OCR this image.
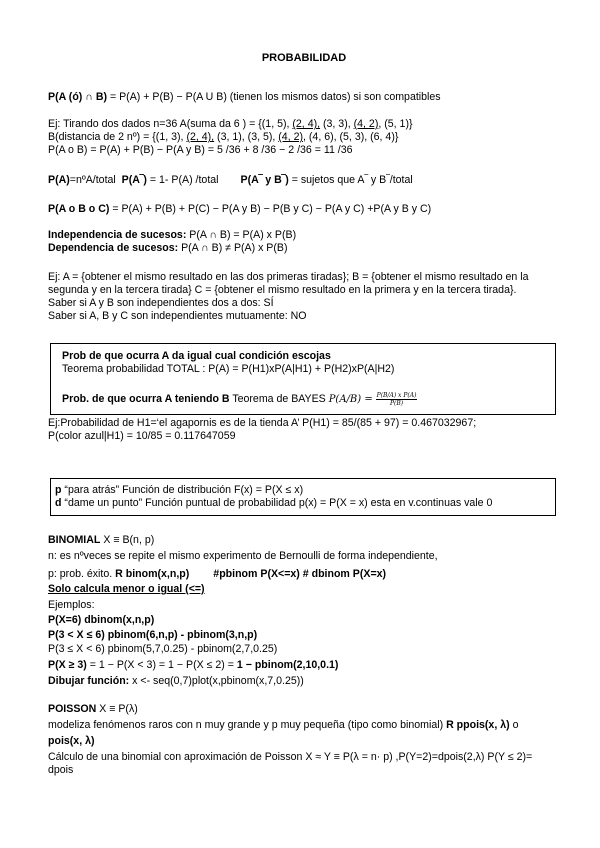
PROBABILIDAD
P(A (ó) ∩ B) = P(A) + P(B) − P(A U B) (tienen los mismos datos) si son compatibles
Ej: Tirando dos dados n=36 A(suma da 6 ) = {(1, 5), (2, 4), (3, 3), (4, 2), (5, 1)}
B(distancia de 2 nº) = {(1, 3), (2, 4), (3, 1), (3, 5), (4, 2), (4, 6), (5, 3), (6, 4)}
P(A o B) = P(A) + P(B) − P(A y B) = 5 /36 + 8 /36 − 2 /36 = 11 /36
P(A)=nºA/total P(A‾) = 1- P(A) /total P(A‾ y B‾) = sujetos que A‾ y B‾/total
P(A o B o C) = P(A) + P(B) + P(C) − P(A y B) − P(B y C) − P(A y C) +P(A y B y C)
Independencia de sucesos: P(A ∩ B) = P(A) x P(B)
Dependencia de sucesos: P(A ∩ B) ≠ P(A) x P(B)
Ej: A = {obtener el mismo resultado en las dos primeras tiradas}; B = {obtener el mismo resultado en la
segunda y en la tercera tirada} C = {obtener el mismo resultado en la primera y en la tercera tirada}.
Saber si A y B son independientes dos a dos: SÍ
Saber si A, B y C son independientes mutuamente: NO
Prob de que ocurra A da igual cual condición escojas
Teorema probabilidad TOTAL : P(A) = P(H1)xP(A|H1) + P(H2)xP(A|H2)
Prob. de que ocurra A teniendo B Teorema de BAYES $P(A/B) = \frac{\text{P(B/A) x P(A)}}{P(B)}$
Ej:Probabilidad de H1=‘el agapornis es de la tienda A’ P(H1) = 85/(85 + 97) = 0.467032967;
P(color azul|H1) = 10/85 = 0.117647059
p “para atrás” Función de distribución F(x) = P(X ≤ x)
d “dame un punto” Función puntual de probabilidad p(x) = P(X = x) esta en v.continuas vale 0
BINOMIAL X ≡ B(n, p)
n: es nºveces se repite el mismo experimento de Bernoulli de forma independiente,
p: prob. éxito. R binom(x,n,p) #pbinom P(X<=x) # dbinom P(X=x)
Solo calcula menor o igual (<=)
Ejemplos:
P(X=6) dbinom(x,n,p)
P(3 < X ≤ 6) pbinom(6,n,p) - pbinom(3,n,p)
P(3 ≤ X < 6) pbinom(5,7,0.25) - pbinom(2,7,0.25)
P(X ≥ 3) = 1 − P(X < 3) = 1 − P(X ≤ 2) = 1 − pbinom(2,10,0.1)
Dibujar función: x <- seq(0,7)plot(x,pbinom(x,7,0.25))
POISSON X ≡ P(λ)
modeliza fenómenos raros con n muy grande y p muy pequeña (tipo como binomial) R ppois(x, λ) o
pois(x, λ)
Cálculo de una binomial con aproximación de Poisson X ≈ Y ≡ P(λ = n· p) ,P(Y=2)=dpois(2,λ) P(Y ≤ 2)=
dpois
